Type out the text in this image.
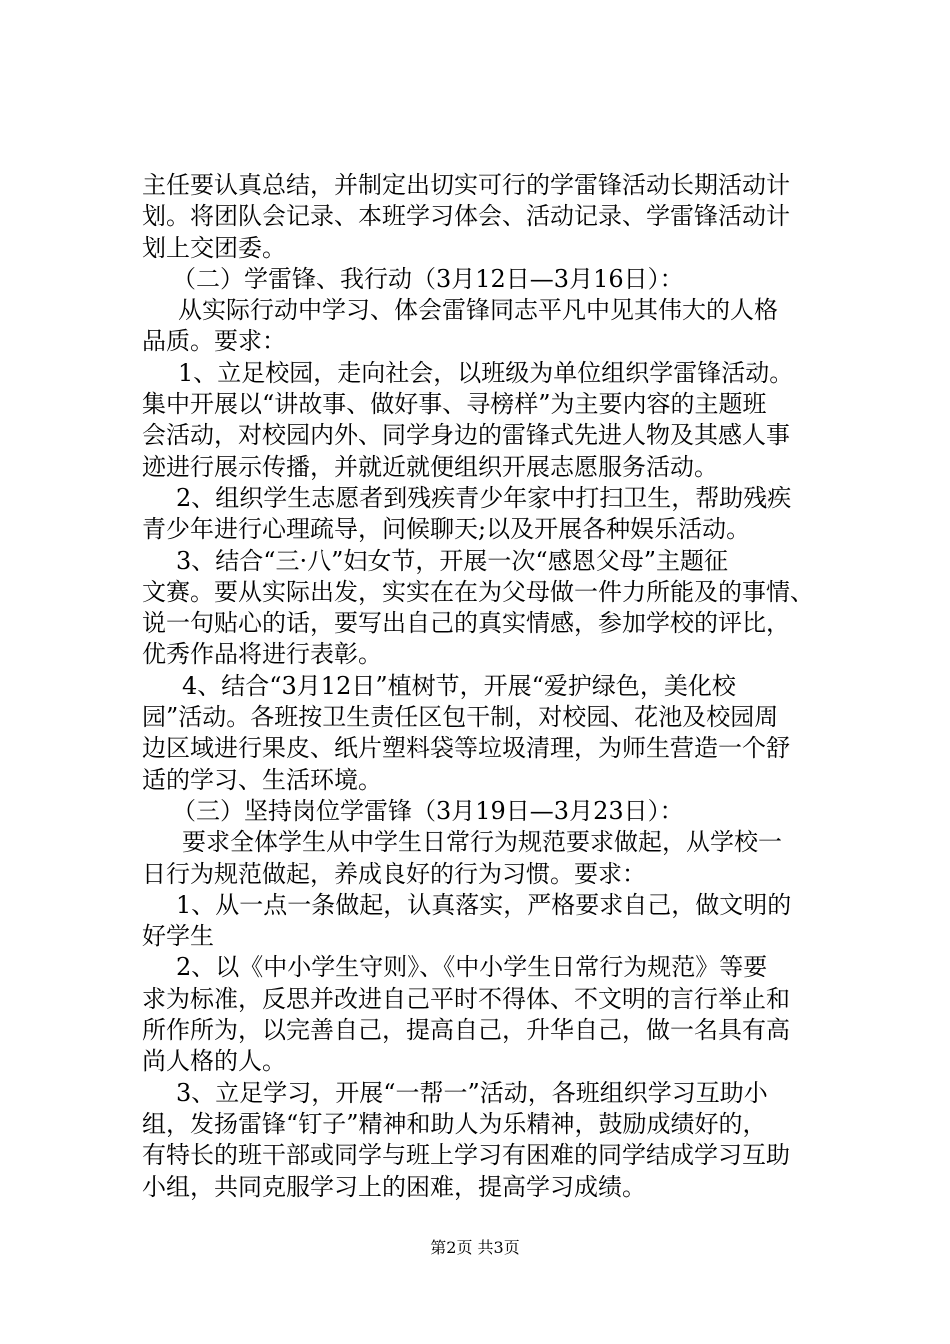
主任要认真总结，并制定出切实可行的学雷锋活动长期活动计
划。将团队会记录、本班学习体会、活动记录、学雷锋活动计
划上交团委。
（二）学雷锋、我行动（3月12日—3月16日）：
从实际行动中学习、体会雷锋同志平凡中见其伟大的人格
品质。要求：
1、立足校园，走向社会，以班级为单位组织学雷锋活动。
集中开展以“讲故事、做好事、寻榜样”为主要内容的主题班
会活动，对校园内外、同学身边的雷锋式先进人物及其感人事
迹进行展示传播，并就近就便组织开展志愿服务活动。
2、组织学生志愿者到残疾青少年家中打扫卫生，帮助残疾
青少年进行心理疏导，问候聊天;以及开展各种娱乐活动。
3、结合“三·八”妇女节，开展一次“感恩父母”主题征
文赛。要从实际出发，实实在在为父母做一件力所能及的事情、
说一句贴心的话，要写出自己的真实情感，参加学校的评比，
优秀作品将进行表彰。
4、结合“3月12日”植树节，开展“爱护绿色，美化校
园”活动。各班按卫生责任区包干制，对校园、花池及校园周
边区域进行果皮、纸片塑料袋等垃圾清理，为师生营造一个舒
适的学习、生活环境。
（三）坚持岗位学雷锋（3月19日—3月23日）：
要求全体学生从中学生日常行为规范要求做起，从学校一
日行为规范做起，养成良好的行为习惯。要求：
1、从一点一条做起，认真落实，严格要求自己，做文明的
好学生
2、以《中小学生守则》、《中小学生日常行为规范》等要
求为标准，反思并改进自己平时不得体、不文明的言行举止和
所作所为，以完善自己，提高自己，升华自己，做一名具有高
尚人格的人。
3、立足学习，开展“一帮一”活动，各班组织学习互助小
组，发扬雷锋“钉子”精神和助人为乐精神，鼓励成绩好的，
有特长的班干部或同学与班上学习有困难的同学结成学习互助
小组，共同克服学习上的困难，提高学习成绩。
第2页 共3页
